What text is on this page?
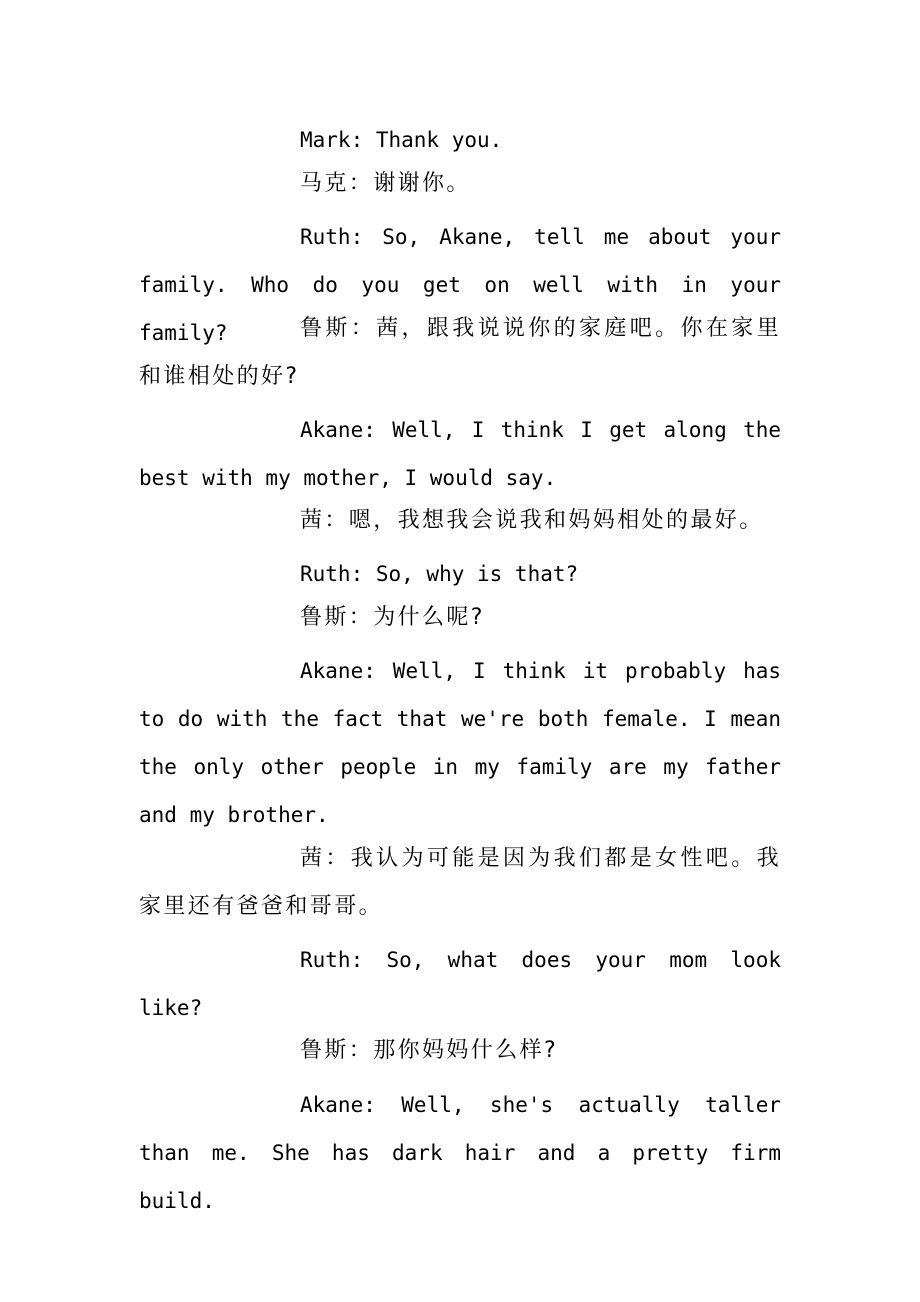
Mark: Thank you.

马克：谢谢你。

Ruth: So, Akane, tell me about your family. Who do you get on well with in your family?	鲁斯：茜，跟我说说你的家庭吧。你在家里和谁相处的好?

Akane: Well, I think I get along the best with my mother, I would say.

茜：嗯，我想我会说我和妈妈相处的最好。

Ruth: So, why is that?

鲁斯：为什么呢?

Akane: Well, I think it probably has to do with the fact that we're both female. I mean the only other people in my family are my father and my brother.

茜：我认为可能是因为我们都是女性吧。我家里还有爸爸和哥哥。

Ruth: So, what does your mom look like?

鲁斯：那你妈妈什么样?

Akane: Well, she's actually taller than me. She has dark hair and a pretty firm build.
